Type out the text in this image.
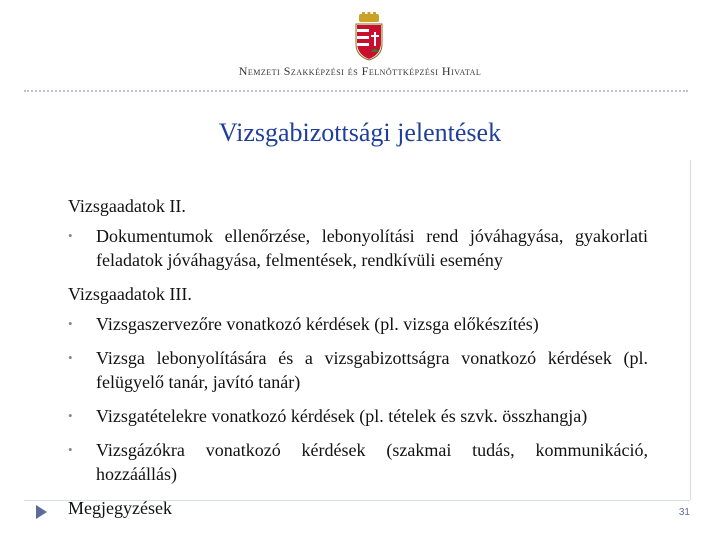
Nemzeti Szakképzési és Felnőttképzési Hivatal
Vizsgabizottsági jelentések
Vizsgaadatok II.
•	Dokumentumok ellenőrzése, lebonyolítási rend jóváhagyása, gyakorlati feladatok jóváhagyása, felmentések, rendkívüli esemény
Vizsgaadatok III.
•	Vizsgaszervezőre vonatkozó kérdések (pl. vizsga előkészítés)
•	Vizsga lebonyolítására és a vizsgabizottságra vonatkozó kérdések (pl. felügyelő tanár, javító tanár)
•	Vizsgatételekre vonatkozó kérdések (pl. tételek és szvk. összhangja)
•	Vizsgázókra vonatkozó kérdések (szakmai tudás, kommunikáció, hozzáállás)
Megjegyzések	31
